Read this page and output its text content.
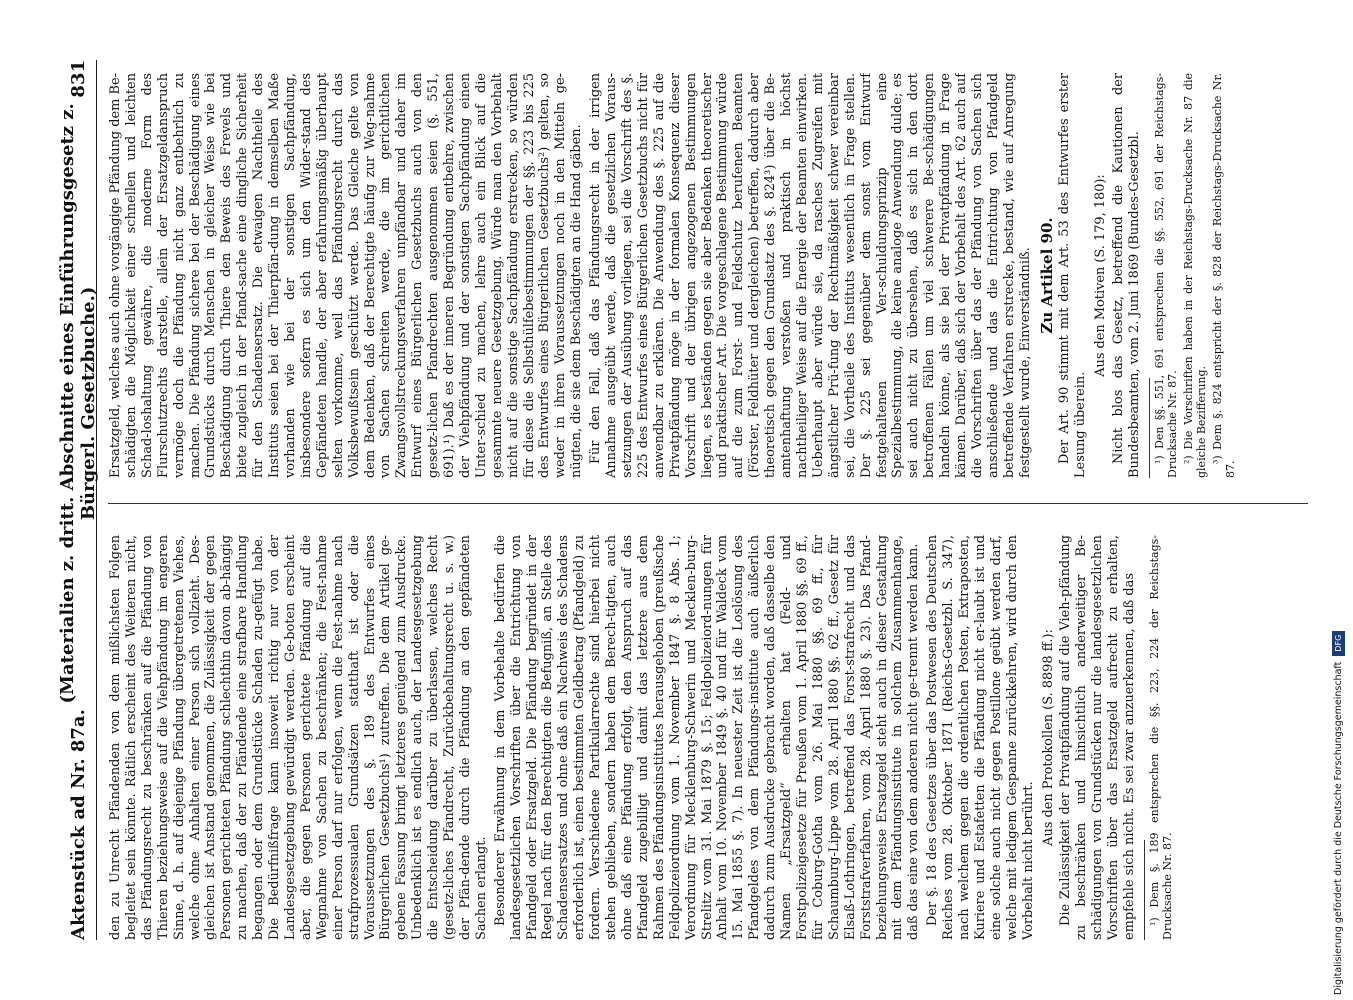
Aktenstück ad Nr. 87a.
(Materialien z. dritt. Abschnitte eines Einführungsgesetz z. Bürgerl. Gesetzbuche.)
831

den zu Unrecht Pfändenden von dem mißlichsten Folgen begleitet sein könnte. Rätlich erscheint des Weiteren nicht, das Pfändungsrecht zu beschränken auf die Pfändung von Thieren beziehungsweise auf die Viehpfändung im engeren Sinne, d. h. auf diejenige Pfändung übergetretenen Viehes, welche ohne Anhalten einer Person sich vollzieht. Des-gleichen ist Anstand genommen, die Zulässigkeit der gegen Personen gerichteten Pfändung schlechthin davon ab-hängig zu machen, daß der zu Pfändende eine strafbare Handlung begangen oder dem Grundstücke Schaden zu-gefügt habe. Die Bedürfnißfrage kann insoweit richtig nur von der Landesgesetzgebung gewürdigt werden. Ge-boten erscheint aber, die gegen Personen gerichtete Pfändung auf die Wegnahme von Sachen zu beschränken; die Fest-nahme einer Person darf nur erfolgen, wenn die Fest-nahme nach strafprozessualen Grundsätzen statthaft ist oder die Voraussetzungen des §. 189 des Entwurfes eines Bürgerlichen Gesetzbuchs¹) zutreffen. Die dem Artikel ge-gebene Fassung bringt letzteres genügend zum Ausdrucke. Unbedenklich ist es endlich auch, der Landesgesetzgebung die Entscheidung darüber zu überlassen, welches Recht (gesetz-liches Pfandrecht, Zurückbehaltungsrecht u. s. w.) der Pfän-dende durch die Pfändung an den gepfändeten Sachen erlangt. Besonderer Erwähnung in dem Vorbehalte bedürfen die landesgesetzlichen Vorschriften über die Entrichtung von Pfandgeld oder Ersatzgeld. Die Pfändung begründet in der Regel nach für den Berechtigten die Befugniß, an Stelle des Schadensersatzes und ohne daß ein Nachweis des Schadens erforderlich ist, einen bestimmten Geldbetrag (Pfandgeld) zu fordern. Verschiedene Partikularrechte sind hierbei nicht stehen geblieben, sondern haben dem Berech-tigten, auch ohne daß eine Pfändung erfolgt, den Anspruch auf das Pfandgeld zugebilligt und damit das letztere aus dem Rahmen des Pfändungsinstitutes herausgehoben (preußische Feldpolizeiordnung vom 1. November 1847 §. 8 Abs. 1; Verordnung für Mecklenburg-Schwerin und Mecklen-burg-Strelitz vom 31. Mai 1879 §. 15; Feldpolizeiord-nungen für Anhalt vom 10. November 1849 §. 40 und für Waldeck vom 15. Mai 1855 §. 7). In neuester Zeit ist die Loslösung des Pfandgeldes von dem Pfändungs-institute auch äußerlich dadurch zum Ausdrucke gebracht worden, daß dasselbe den Namen „Ersatzgeld“ erhalten hat (Feld- und Forstpolizeigesetze für Preußen vom 1. April 1880 §§. 69 ff., für Coburg-Gotha vom 26. Mai 1880 §§. 69 ff., für Schaumburg-Lippe vom 28. April 1880 §§. 62 ff., Gesetz für Elsaß-Lothringen, betreffend das Forst-strafrecht und das Forststrafverfahren, vom 28. April 1880 §. 23). Das Pfand- beziehungsweise Ersatzgeld steht auch in dieser Gestaltung mit dem Pfändungsinstitute in solchem Zusammenhange, daß das eine von dem anderen nicht ge-trennt werden kann. Der §. 18 des Gesetzes über das Postwesen des Deutschen Reiches vom 28. Oktober 1871 (Reichs-Gesetzbl. S. 347), nach welchem gegen die ordentlichen Posten, Extraposten, Kuriere und Estafetten die Pfändung nicht er-laubt ist und eine solche auch nicht gegen Postillone geübt werden darf, welche mit ledigem Gespanne zurückkehren, wird durch den Vorbehalt nicht berührt.

Aus den Protokollen (S. 8898 ff.): Die Zulässigkeit der Privatpfändung auf die Vieh-pfändung zu beschränken und hinsichtlich anderweitiger Be-schädigungen von Grundstücken nur die landesgesetzlichen Vorschriften über das Ersatzgeld aufrecht zu erhalten, empfehle sich nicht. Es sei zwar anzuerkennen, daß das ¹) Dem §. 189 entsprechen die §§. 223, 224 der Reichstags-Drucksache Nr. 87.

Ersatzgeld, welches auch ohne vorgängige Pfändung dem Be-schädigten die Möglichkeit einer schnellen und leichten Schad-loshaltung gewähre, die moderne Form des Flurschutzrechts darstelle, allein der Ersatzgeldanspruch vermöge doch die Pfändung nicht ganz entbehrlich zu machen. Die Pfändung sichere bei der Beschädigung eines Grundstücks durch Menschen in gleicher Weise wie bei Beschädigung durch Thiere den Beweis des Frevels und biete zugleich in der Pfand-sache eine dingliche Sicherheit für den Schadensersatz. Die etwaigen Nachtheile des Instituts seien bei der Thierpfän-dung in demselben Maße vorhanden wie bei der sonstigen Sachpfändung, insbesondere sofern es sich um den Wider-stand des Gepfändeten handle, der aber erfahrungsmäßig überhaupt selten vorkomme, weil das Pfändungsrecht durch das Volksbewußtsein geschützt werde. Das Gleiche gelte von dem Bedenken, daß der Berechtigte häufig zur Weg-nahme von Sachen schreiten werde, die im gerichtlichen Zwangsvollstreckungsverfahren unpfändbar und daher im Entwurf eines Bürgerlichen Gesetzbuchs auch von den gesetz-lichen Pfandrechten ausgenommen seien (§. 551, 691).¹) Daß es der inneren Begründung entbehre, zwischen der Viehpfändung und der sonstigen Sachpfändung einen Unter-schied zu machen, lehre auch ein Blick auf die gesammte neuere Gesetzgebung. Würde man den Vorbehalt nicht auf die sonstige Sachpfändung erstrecken, so würden für diese die Selbsthülfebestimmungen der §§. 223 bis 225 des Entwurfes eines Bürgerlichen Gesetzbuchs²) gelten, so weder in ihren Voraussetzungen noch in den Mitteln ge-nügten, die sie dem Beschädigten an die Hand gäben. Für den Fall, daß das Pfändungsrecht in der irrigen Annahme ausgeübt werde, daß die gesetzlichen Voraus-setzungen der Ausübung vorliegen, sei die Vorschrift des §. 225 des Entwurfes eines Bürgerlichen Gesetzbuchs nicht für anwendbar zu erklären. Die Anwendung des §. 225 auf die Privatpfändung möge in der formalen Konsequenz dieser Vorschrift und der übrigen angezogenen Bestimmungen liegen, es beständen gegen sie aber Bedenken theoretischer und praktischer Art. Die vorgeschlagene Bestimmung würde auf die zum Forst- und Feldschutz berufenen Beamten (Förster, Feldhüter und dergleichen) betreffen, dadurch aber theoretisch gegen den Grundsatz des §. 824³) über die Be-amtenhaftung verstoßen und praktisch in höchst nachtheiliger Weise auf die Energie der Beamten einwirken. Ueberhaupt aber würde sie, da rasches Zugreifen mit ängstlicher Prü-fung der Rechtmäßigkeit schwer vereinbar sei, die Vortheile des Instituts wesentlich in Frage stellen. Der §. 225 sei gegenüber dem sonst vom Entwurf festgehaltenen Ver-schuldungsprinzip eine Spezialbestimmung, die keine analoge Anwendung dulde; es sei auch nicht zu übersehen, daß es sich in den dort betroffenen Fällen um viel schwerere Be-schädigungen handeln könne, als sie bei der Privatpfändung in Frage kämen. Darüber, daß sich der Vorbehalt des Art. 62 auch auf die Vorschriften über das der Pfändung von Sachen sich anschließende und das die Entrichtung von Pfandgeld betreffende Verfahren erstrecke, bestand, wie auf Anregung festgestellt wurde, Einverständniß. Zu Artikel 90. Der Art. 90 stimmt mit dem Art. 53 des Entwurfes erster Lesung überein.

Aus den Motiven (S. 179, 180): Nicht blos das Gesetz, betreffend die Kautionen der Bundesbeamten, vom 2. Juni 1869 (Bundes-Gesetzbl. ¹) Den §§. 551, 691 entsprechen die §§. 552, 691 der Reichstags-Drucksache Nr. 87. ²) Die Vorschriften haben in der Reichstags-Drucksache Nr. 87 die gleiche Bezifferung. ³) Dem §. 824 entspricht der §. 828 der Reichstags-Drucksache Nr. 87.

Digitalisierung gefördert durch die Deutsche Forschungsgemeinschaft
DFG
